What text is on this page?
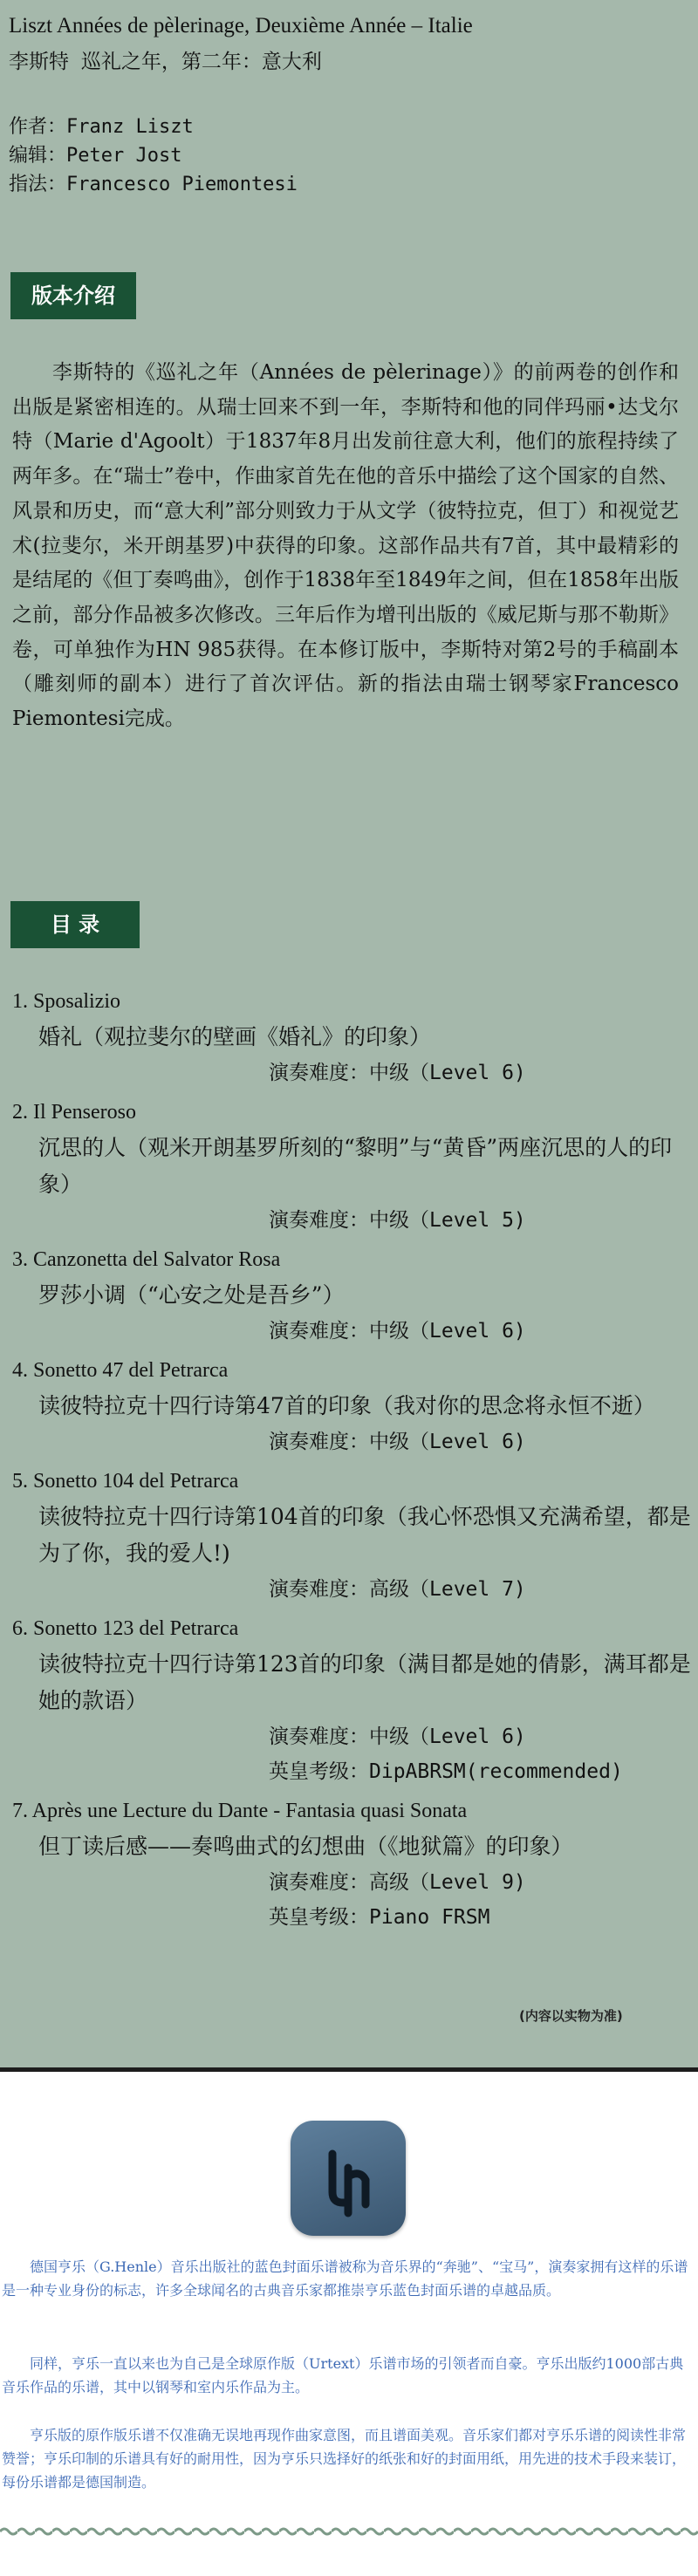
Liszt Années de pèlerinage, Deuxième Année – Italie
李斯特 巡礼之年，第二年：意大利
作者：Franz Liszt
编辑：Peter Jost
指法：Francesco Piemontesi
版本介绍
李斯特的《巡礼之年（Années de pèlerinage）》的前两卷的创作和出版是紧密相连的。从瑞士回来不到一年，李斯特和他的同伴玛丽•达戈尔特（Marie d'Agoolt）于1837年8月出发前往意大利，他们的旅程持续了两年多。在“瑞士”卷中，作曲家首先在他的音乐中描绘了这个国家的自然、风景和历史，而“意大利”部分则致力于从文学（彼特拉克，但丁）和视觉艺术(拉斐尔，米开朗基罗)中获得的印象。这部作品共有7首，其中最精彩的是结尾的《但丁奏鸣曲》，创作于1838年至1849年之间，但在1858年出版之前，部分作品被多次修改。三年后作为增刊出版的《威尼斯与那不勒斯》卷，可单独作为HN 985获得。在本修订版中，李斯特对第2号的手稿副本（雕刻师的副本）进行了首次评估。新的指法由瑞士钢琴家Francesco Piemontesi完成。
目 录
1. Sposalizio
婚礼（观拉斐尔的壁画《婚礼》的印象）
演奏难度：中级（Level 6)
2. Il Penseroso
沉思的人（观米开朗基罗所刻的“黎明”与“黄昏”两座沉思的人的印象）
演奏难度：中级（Level 5)
3. Canzonetta del Salvator Rosa
罗莎小调（“心安之处是吾乡”）
演奏难度：中级（Level 6)
4. Sonetto 47 del Petrarca
读彼特拉克十四行诗第47首的印象（我对你的思念将永恒不逝）
演奏难度：中级（Level 6)
5. Sonetto 104 del Petrarca
读彼特拉克十四行诗第104首的印象（我心怀恐惧又充满希望，都是为了你，我的爱人!)
演奏难度：高级（Level 7)
6. Sonetto 123 del Petrarca
读彼特拉克十四行诗第123首的印象（满目都是她的倩影，满耳都是她的款语）
演奏难度：中级（Level 6)
英皇考级：DipABRSM(recommended)
7. Après une Lecture du Dante - Fantasia quasi Sonata
但丁读后感——奏鸣曲式的幻想曲（《地狱篇》的印象）
演奏难度：高级（Level 9)
英皇考级：Piano FRSM
(内容以实物为准)
德国亨乐（G.Henle）音乐出版社的蓝色封面乐谱被称为音乐界的“奔驰”、“宝马”，演奏家拥有这样的乐谱是一种专业身份的标志，许多全球闻名的古典音乐家都推崇亨乐蓝色封面乐谱的卓越品质。
同样，亨乐一直以来也为自己是全球原作版（Urtext）乐谱市场的引领者而自豪。亨乐出版约1000部古典音乐作品的乐谱，其中以钢琴和室内乐作品为主。
亨乐版的原作版乐谱不仅准确无误地再现作曲家意图，而且谱面美观。音乐家们都对亨乐乐谱的阅读性非常赞誉；亨乐印制的乐谱具有好的耐用性，因为亨乐只选择好的纸张和好的封面用纸，用先进的技术手段来装订，每份乐谱都是德国制造。
